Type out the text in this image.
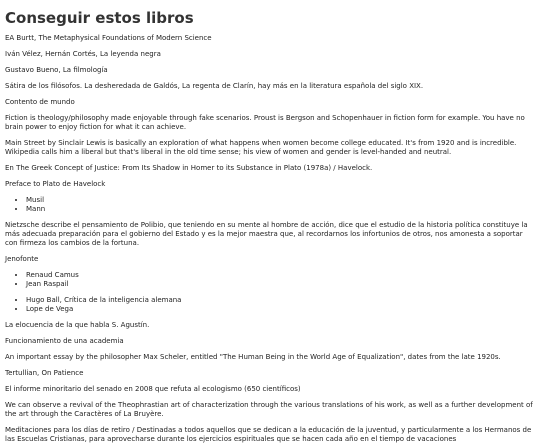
Conseguir estos libros

EA Burtt, The Metaphysical Foundations of Modern Science

Iván Vélez, Hernán Cortés, La leyenda negra

Gustavo Bueno, La filmología

Sátira de los filósofos. La desheredada de Galdós, La regenta de Clarín, hay más en la literatura española del siglo XIX.

Contento de mundo

Fiction is theology/philosophy made enjoyable through fake scenarios. Proust is Bergson and Schopenhauer in fiction form for example. You have no brain power to enjoy fiction for what it can achieve.

Main Street by Sinclair Lewis is basically an exploration of what happens when women become college educated. It's from 1920 and is incredible. Wikipedia calls him a liberal but that's liberal in the old time sense; his view of women and gender is level-handed and neutral.

En The Greek Concept of Justice: From Its Shadow in Homer to its Substance in Plato (1978a) / Havelock.

Preface to Plato de Havelock

• Musil
• Mann

Nietzsche describe el pensamiento de Polibio, que teniendo en su mente al hombre de acción, dice que el estudio de la historia política constituye la más adecuada preparación para el gobierno del Estado y es la mejor maestra que, al recordarnos los infortunios de otros, nos amonesta a soportar con firmeza los cambios de la fortuna.

Jenofonte

• Renaud Camus
• Jean Raspail
• Hugo Ball, Crítica de la inteligencia alemana
• Lope de Vega

La elocuencia de la que habla S. Agustín.

Funcionamiento de una academia

An important essay by the philosopher Max Scheler, entitled "The Human Being in the World Age of Equalization", dates from the late 1920s.

Tertullian, On Patience

El informe minoritario del senado en 2008 que refuta al ecologismo (650 científicos)

We can observe a revival of the Theophrastian art of characterization through the various translations of his work, as well as a further development of the art through the Caractères of La Bruyère.

Meditaciones para los días de retiro / Destinadas a todos aquellos que se dedican a la educación de la juventud, y particularmente a los Hermanos de las Escuelas Cristianas, para aprovecharse durante los ejercicios espirituales que se hacen cada año en el tiempo de vacaciones
